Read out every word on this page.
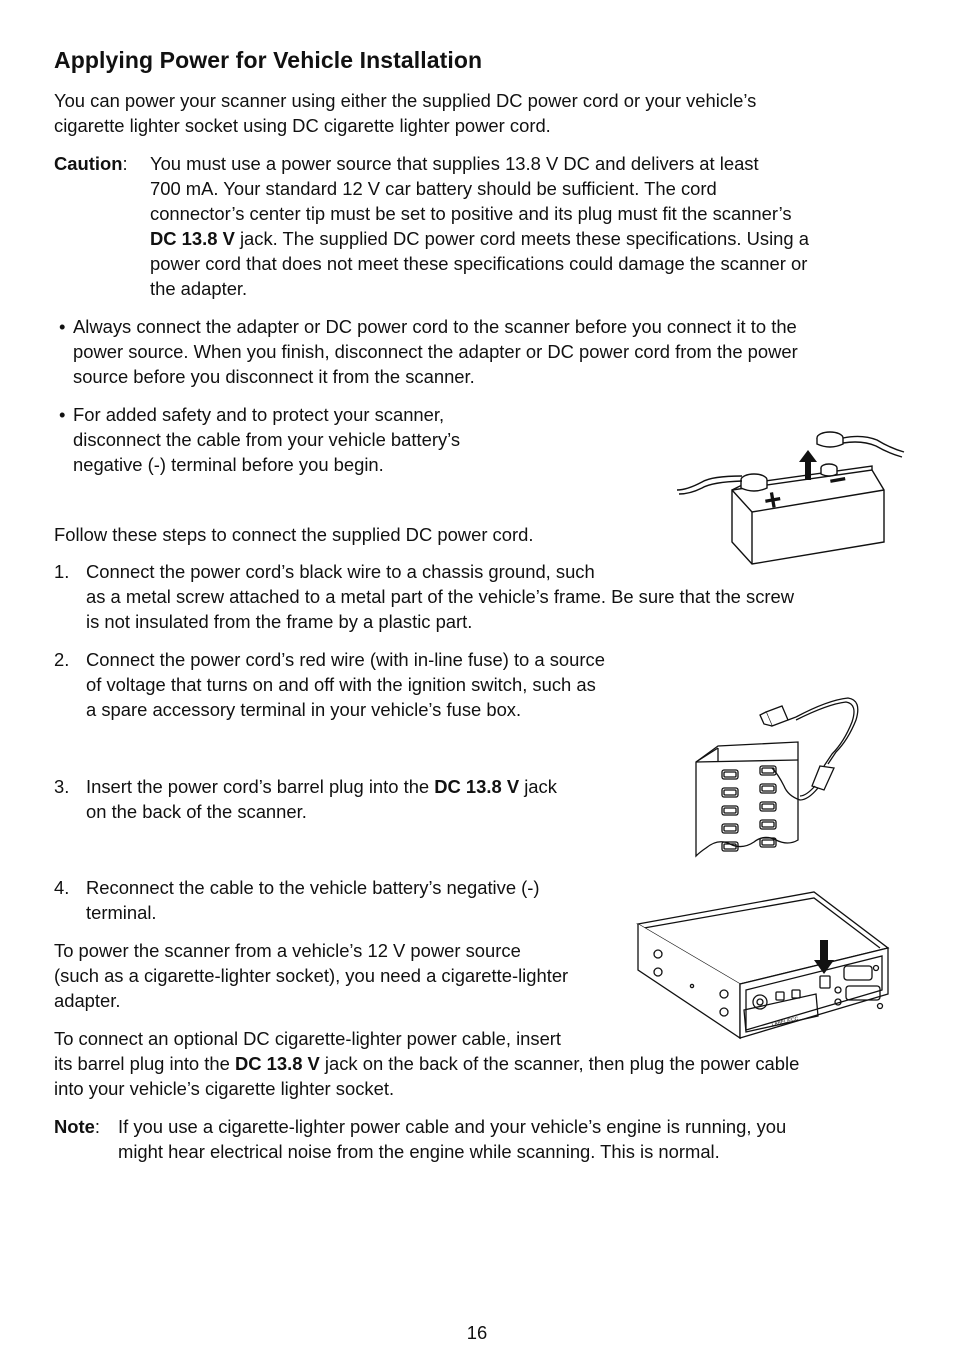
Applying Power for Vehicle Installation
You can power your scanner using either the supplied DC power cord or your vehicle’s
cigarette lighter socket using DC cigarette lighter power cord.
Caution: You must use a power source that supplies 13.8 V DC and delivers at least
700 mA. Your standard 12 V car battery should be sufficient. The cord
connector’s center tip must be set to positive and its plug must fit the scanner’s
DC 13.8 V jack. The supplied DC power cord meets these specifications. Using a
power cord that does not meet these specifications could damage the scanner or
the adapter.
• Always connect the adapter or DC power cord to the scanner before you connect it to the
power source. When you finish, disconnect the adapter or DC power cord from the power
source before you disconnect it from the scanner.
• For added safety and to protect your scanner,
disconnect the cable from your vehicle battery’s
negative (-) terminal before you begin.
Follow these steps to connect the supplied DC power cord.
1. Connect the power cord’s black wire to a chassis ground, such
as a metal screw attached to a metal part of the vehicle’s frame. Be sure that the screw
is not insulated from the frame by a plastic part.
2. Connect the power cord’s red wire (with in-line fuse) to a source
of voltage that turns on and off with the ignition switch, such as
a spare accessory terminal in your vehicle’s fuse box.
3. Insert the power cord’s barrel plug into the DC 13.8 V jack
on the back of the scanner.
4. Reconnect the cable to the vehicle battery’s negative (-)
terminal.
To power the scanner from a vehicle’s 12 V power source
(such as a cigarette-lighter socket), you need a cigarette-lighter
adapter.
To connect an optional DC cigarette-lighter power cable, insert
its barrel plug into the DC 13.8 V jack on the back of the scanner, then plug the power cable
into your vehicle’s cigarette lighter socket.
Note: If you use a cigarette-lighter power cable and your vehicle’s engine is running, you
might hear electrical noise from the engine while scanning. This is normal.
+
−
LABEL/FCC
16
